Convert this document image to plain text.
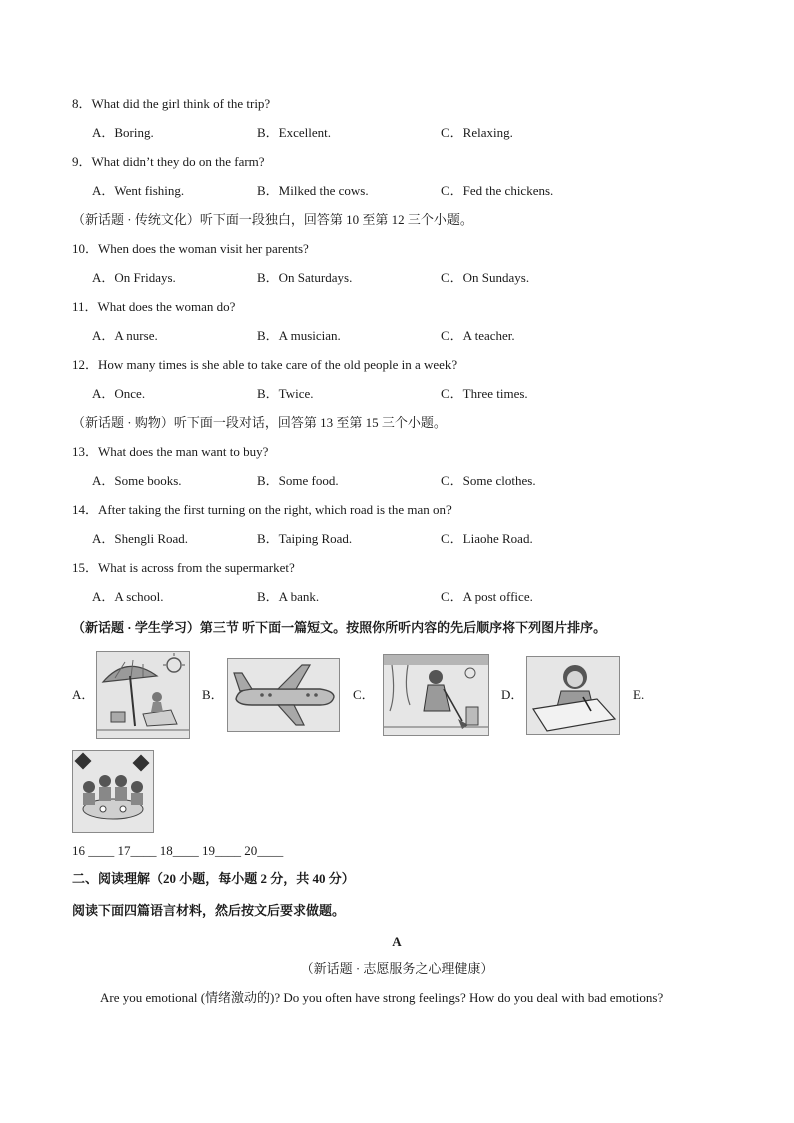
8．What did the girl think of the trip?
A．Boring.	B．Excellent.	C．Relaxing.
9．What didn’t they do on the farm?
A．Went fishing.	B．Milked the cows.	C．Fed the chickens.
（新话题 · 传统文化）听下面一段独白，回答第 10 至第 12 三个小题。
10．When does the woman visit her parents?
A．On Fridays.	B．On Saturdays.	C．On Sundays.
11．What does the woman do?
A．A nurse.	B．A musician.	C．A teacher.
12．How many times is she able to take care of the old people in a week?
A．Once.	B．Twice.	C．Three times.
（新话题 · 购物）听下面一段对话，回答第 13 至第 15 三个小题。
13．What does the man want to buy?
A．Some books.	B．Some food.	C．Some clothes.
14．After taking the first turning on the right, which road is the man on?
A．Shengli Road.	B．Taiping Road.	C．Liaohe Road.
15．What is across from the supermarket?
A．A school.	B．A bank.	C．A post office.
（新话题 · 学生学习）第三节 听下面一篇短文。按照你所听内容的先后顺序将下列图片排序。
A．	B．	C．	D．	E.
16 ____ 17____ 18____ 19____ 20____
二、阅读理解（20 小题，每小题 2 分，共 40 分）
阅读下面四篇语言材料，然后按文后要求做题。
A
（新话题 · 志愿服务之心理健康）
Are you emotional (情绪激动的)? Do you often have strong feelings? How do you deal with bad emotions?
